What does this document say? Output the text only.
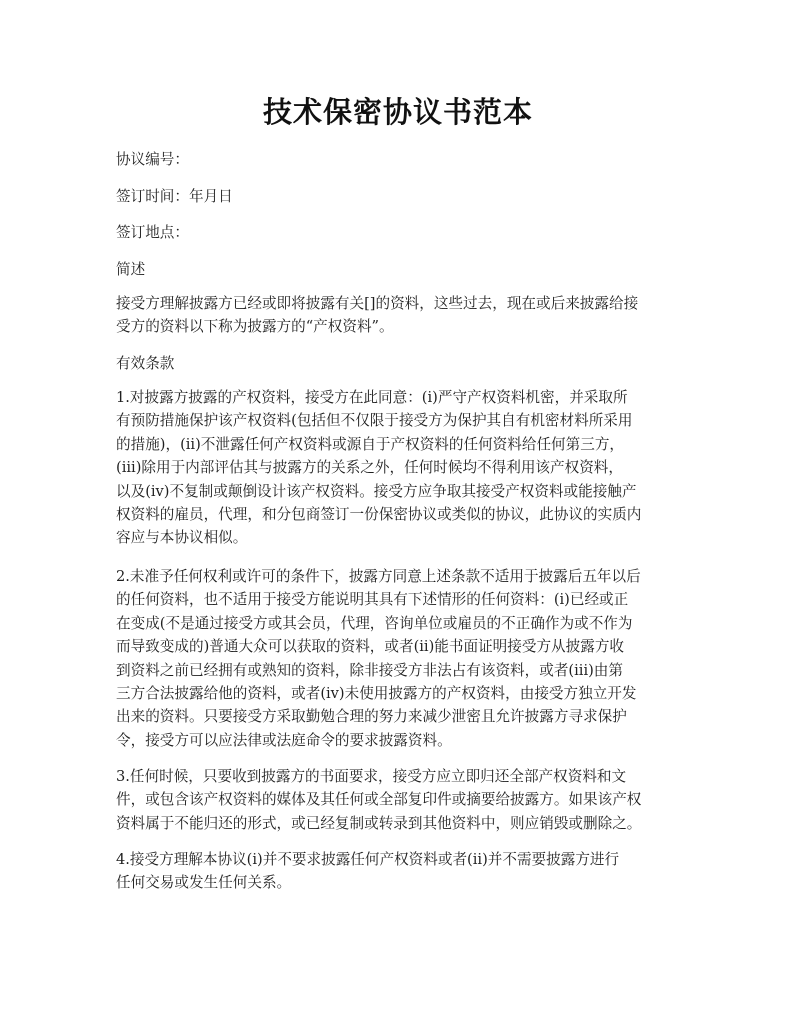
技术保密协议书范本
协议编号：
签订时间：年月日
签订地点：
简述
接受方理解披露方已经或即将披露有关[]的资料，这些过去，现在或后来披露给接
受方的资料以下称为披露方的“产权资料”。
有效条款
1.对披露方披露的产权资料，接受方在此同意：(i)严守产权资料机密，并采取所
有预防措施保护该产权资料(包括但不仅限于接受方为保护其自有机密材料所采用
的措施)，(ii)不泄露任何产权资料或源自于产权资料的任何资料给任何第三方，
(iii)除用于内部评估其与披露方的关系之外，任何时候均不得利用该产权资料，
以及(iv)不复制或颠倒设计该产权资料。接受方应争取其接受产权资料或能接触产
权资料的雇员，代理，和分包商签订一份保密协议或类似的协议，此协议的实质内
容应与本协议相似。
2.未准予任何权利或许可的条件下，披露方同意上述条款不适用于披露后五年以后
的任何资料，也不适用于接受方能说明其具有下述情形的任何资料：(i)已经或正
在变成(不是通过接受方或其会员，代理，咨询单位或雇员的不正确作为或不作为
而导致变成的)普通大众可以获取的资料，或者(ii)能书面证明接受方从披露方收
到资料之前已经拥有或熟知的资料，除非接受方非法占有该资料，或者(iii)由第
三方合法披露给他的资料，或者(iv)未使用披露方的产权资料，由接受方独立开发
出来的资料。只要接受方采取勤勉合理的努力来减少泄密且允许披露方寻求保护
令，接受方可以应法律或法庭命令的要求披露资料。
3.任何时候，只要收到披露方的书面要求，接受方应立即归还全部产权资料和文
件，或包含该产权资料的媒体及其任何或全部复印件或摘要给披露方。如果该产权
资料属于不能归还的形式，或已经复制或转录到其他资料中，则应销毁或删除之。
4.接受方理解本协议(i)并不要求披露任何产权资料或者(ii)并不需要披露方进行
任何交易或发生任何关系。
